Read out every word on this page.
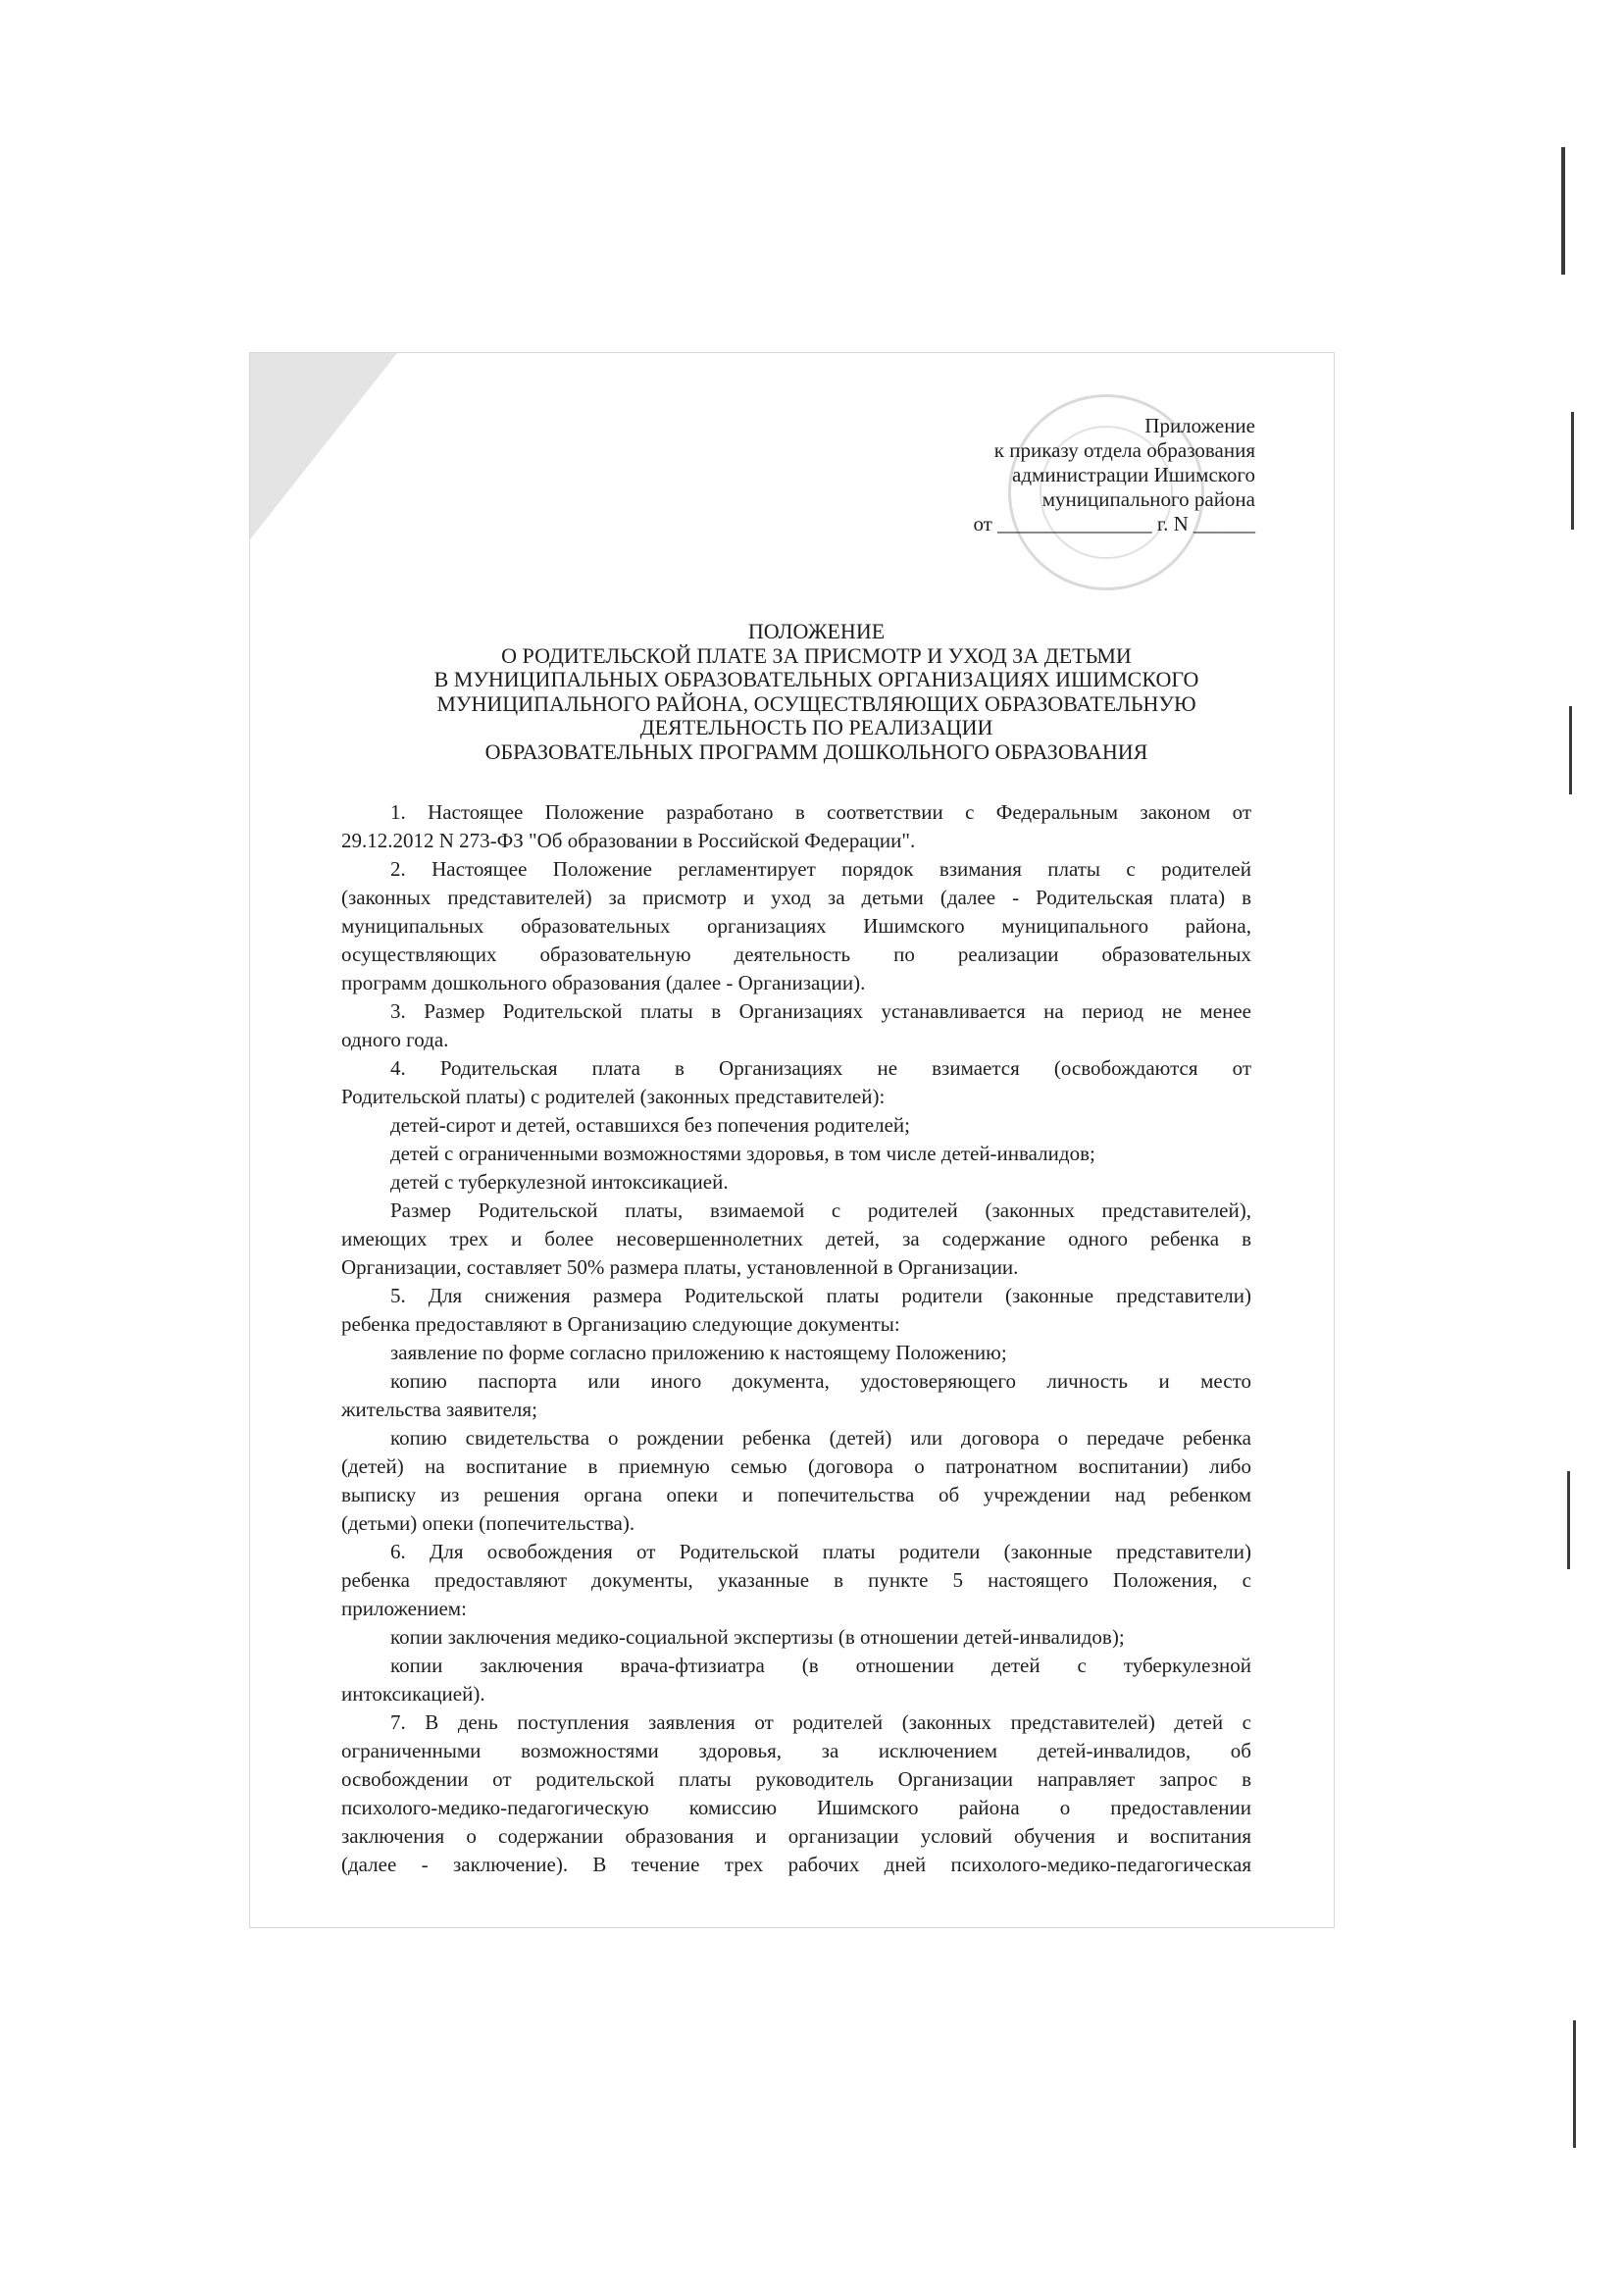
Приложение
к приказу отдела образования
администрации Ишимского
муниципального района
от _______________ г. N ______
ПОЛОЖЕНИЕ
О РОДИТЕЛЬСКОЙ ПЛАТЕ ЗА ПРИСМОТР И УХОД ЗА ДЕТЬМИ
В МУНИЦИПАЛЬНЫХ ОБРАЗОВАТЕЛЬНЫХ ОРГАНИЗАЦИЯХ ИШИМСКОГО
МУНИЦИПАЛЬНОГО РАЙОНА, ОСУЩЕСТВЛЯЮЩИХ ОБРАЗОВАТЕЛЬНУЮ
ДЕЯТЕЛЬНОСТЬ ПО РЕАЛИЗАЦИИ
ОБРАЗОВАТЕЛЬНЫХ ПРОГРАММ ДОШКОЛЬНОГО ОБРАЗОВАНИЯ
1. Настоящее Положение разработано в соответствии с Федеральным законом от
29.12.2012 N 273-ФЗ "Об образовании в Российской Федерации".
2. Настоящее Положение регламентирует порядок взимания платы с родителей
(законных представителей) за присмотр и уход за детьми (далее - Родительская плата) в
муниципальных образовательных организациях Ишимского муниципального района,
осуществляющих образовательную деятельность по реализации образовательных
программ дошкольного образования (далее - Организации).
3. Размер Родительской платы в Организациях устанавливается на период не менее
одного года.
4. Родительская плата в Организациях не взимается (освобождаются от
Родительской платы) с родителей (законных представителей):
детей-сирот и детей, оставшихся без попечения родителей;
детей с ограниченными возможностями здоровья, в том числе детей-инвалидов;
детей с туберкулезной интоксикацией.
Размер Родительской платы, взимаемой с родителей (законных представителей),
имеющих трех и более несовершеннолетних детей, за содержание одного ребенка в
Организации, составляет 50% размера платы, установленной в Организации.
5. Для снижения размера Родительской платы родители (законные представители)
ребенка предоставляют в Организацию следующие документы:
заявление по форме согласно приложению к настоящему Положению;
копию паспорта или иного документа, удостоверяющего личность и место
жительства заявителя;
копию свидетельства о рождении ребенка (детей) или договора о передаче ребенка
(детей) на воспитание в приемную семью (договора о патронатном воспитании) либо
выписку из решения органа опеки и попечительства об учреждении над ребенком
(детьми) опеки (попечительства).
6. Для освобождения от Родительской платы родители (законные представители)
ребенка предоставляют документы, указанные в пункте 5 настоящего Положения, с
приложением:
копии заключения медико-социальной экспертизы (в отношении детей-инвалидов);
копии заключения врача-фтизиатра (в отношении детей с туберкулезной
интоксикацией).
7. В день поступления заявления от родителей (законных представителей) детей с
ограниченными возможностями здоровья, за исключением детей-инвалидов, об
освобождении от родительской платы руководитель Организации направляет запрос в
психолого-медико-педагогическую комиссию Ишимского района о предоставлении
заключения о содержании образования и организации условий обучения и воспитания
(далее - заключение). В течение трех рабочих дней психолого-медико-педагогическая
